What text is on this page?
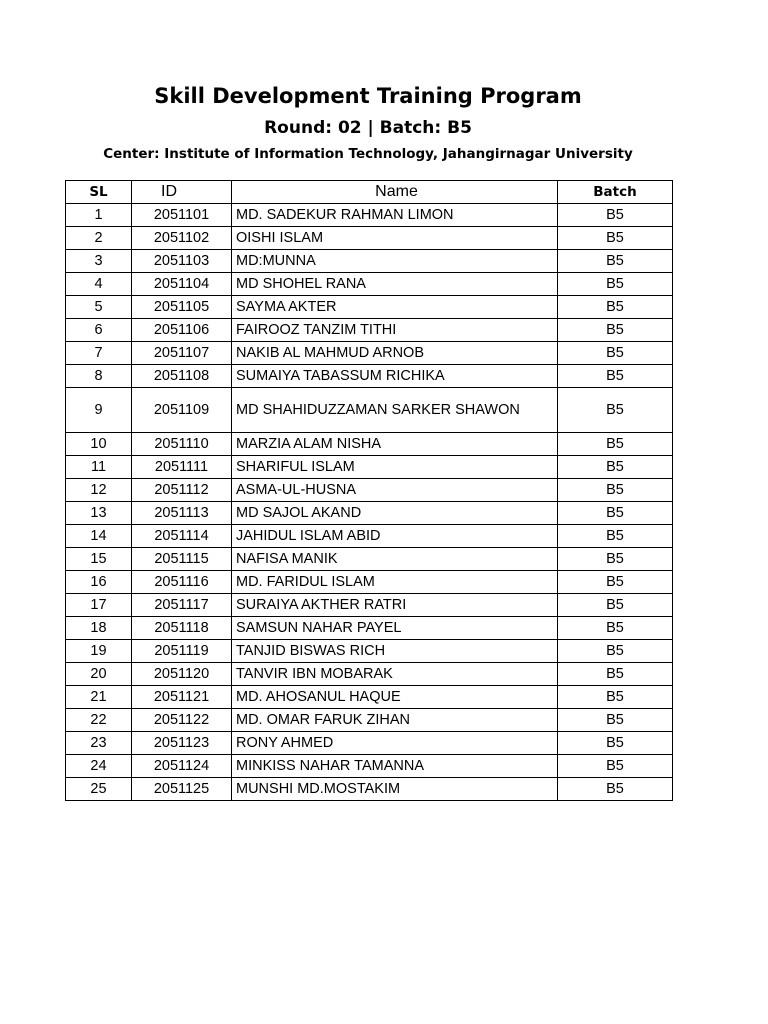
Skill Development Training Program
Round: 02 | Batch: B5
Center: Institute of Information Technology, Jahangirnagar University
SL	ID	Name	Batch
1	2051101	MD. SADEKUR RAHMAN LIMON	B5
2	2051102	OISHI ISLAM	B5
3	2051103	MD:MUNNA	B5
4	2051104	MD SHOHEL RANA	B5
5	2051105	SAYMA AKTER	B5
6	2051106	FAIROOZ TANZIM TITHI	B5
7	2051107	NAKIB AL MAHMUD ARNOB	B5
8	2051108	SUMAIYA TABASSUM RICHIKA	B5
9	2051109	MD SHAHIDUZZAMAN SARKER SHAWON	B5
10	2051110	MARZIA ALAM NISHA	B5
11	2051111	SHARIFUL ISLAM	B5
12	2051112	ASMA-UL-HUSNA	B5
13	2051113	MD SAJOL AKAND	B5
14	2051114	JAHIDUL ISLAM ABID	B5
15	2051115	NAFISA MANIK	B5
16	2051116	MD. FARIDUL ISLAM	B5
17	2051117	SURAIYA AKTHER RATRI	B5
18	2051118	SAMSUN NAHAR PAYEL	B5
19	2051119	TANJID BISWAS RICH	B5
20	2051120	TANVIR IBN MOBARAK	B5
21	2051121	MD. AHOSANUL HAQUE	B5
22	2051122	MD. OMAR FARUK ZIHAN	B5
23	2051123	RONY AHMED	B5
24	2051124	MINKISS NAHAR TAMANNA	B5
25	2051125	MUNSHI MD.MOSTAKIM	B5
